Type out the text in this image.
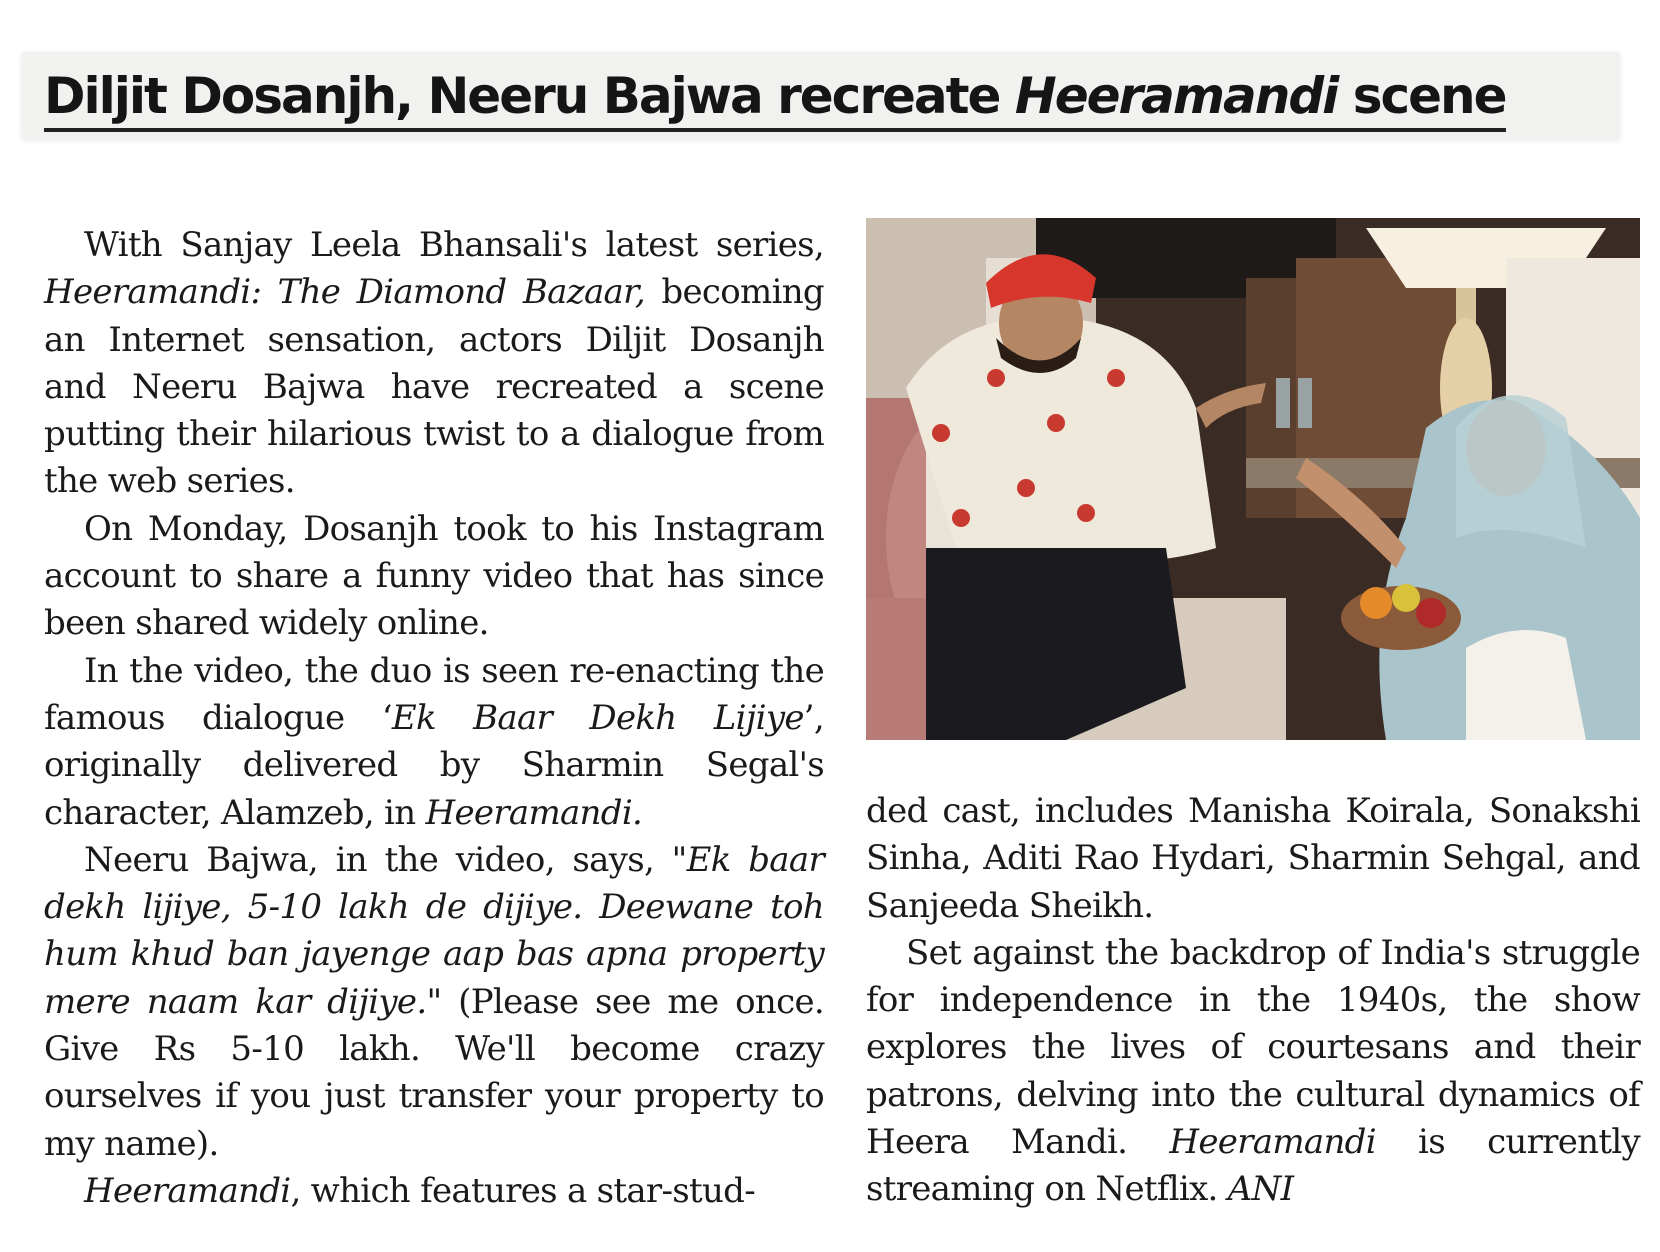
Diljit Dosanjh, Neeru Bajwa recreate Heeramandi scene

With Sanjay Leela Bhansali's latest series, Heeramandi: The Diamond Bazaar, becoming an Internet sensation, actors Diljit Dosanjh and Neeru Bajwa have recreated a scene putting their hilarious twist to a dialogue from the web series.

On Monday, Dosanjh took to his Instagram account to share a funny video that has since been shared widely online.

In the video, the duo is seen re-enacting the famous dialogue ‘Ek Baar Dekh Lijiye’, originally delivered by Sharmin Segal's character, Alamzeb, in Heeramandi.

Neeru Bajwa, in the video, says, "Ek baar dekh lijiye, 5-10 lakh de dijiye. Deewane toh hum khud ban jayenge aap bas apna property mere naam kar dijiye." (Please see me once. Give Rs 5-10 lakh. We'll become crazy ourselves if you just transfer your property to my name).

Heeramandi, which features a star-stud-

ded cast, includes Manisha Koirala, Sonakshi Sinha, Aditi Rao Hydari, Sharmin Sehgal, and Sanjeeda Sheikh.

Set against the backdrop of India's struggle for independence in the 1940s, the show explores the lives of courtesans and their patrons, delving into the cultural dynamics of Heera Mandi. Heeramandi is currently streaming on Netflix. ANI
